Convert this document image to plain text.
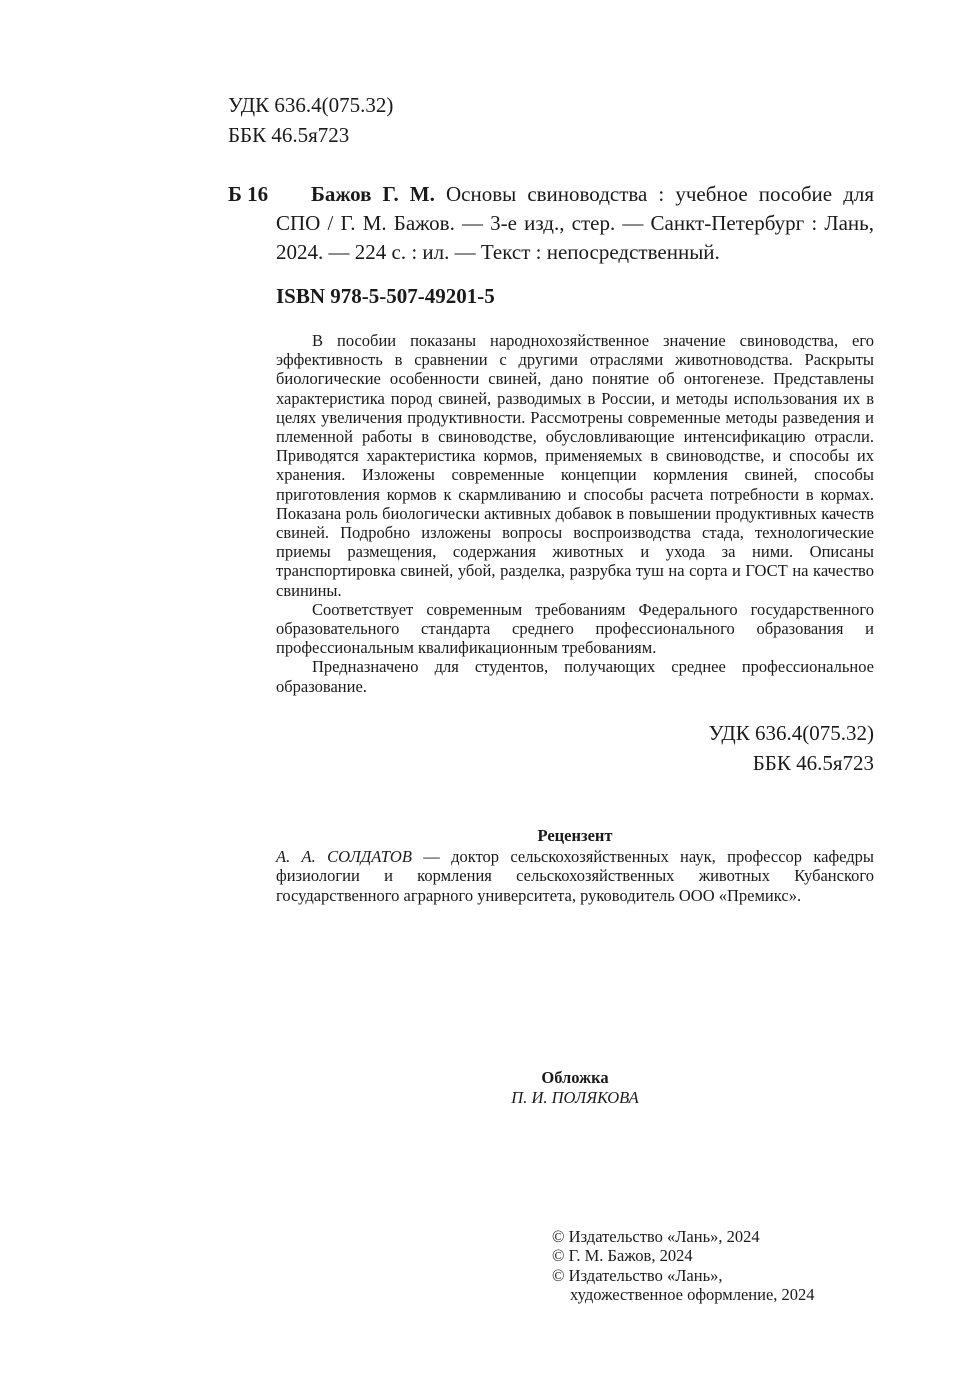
УДК 636.4(075.32)
ББК 46.5я723
Б 16	Бажов Г. М. Основы свиноводства : учебное пособие для СПО / Г. М. Бажов. — 3-е изд., стер. — Санкт-Петербург : Лань, 2024. — 224 с. : ил. — Текст : непосредственный.
ISBN 978-5-507-49201-5

В пособии показаны народнохозяйственное значение свиноводства, его эффективность в сравнении с другими отраслями животноводства. Раскрыты биологические особенности свиней, дано понятие об онтогенезе. Представлены характеристика пород свиней, разводимых в России, и методы использования их в целях увеличения продуктивности. Рассмотрены современные методы разведения и племенной работы в свиноводстве, обусловливающие интенсификацию отрасли. Приводятся характеристика кормов, применяемых в свиноводстве, и способы их хранения. Изложены современные концепции кормления свиней, способы приготовления кормов к скармливанию и способы расчета потребности в кормах. Показана роль биологически активных добавок в повышении продуктивных качеств свиней. Подробно изложены вопросы воспроизводства стада, технологические приемы размещения, содержания животных и ухода за ними. Описаны транспортировка свиней, убой, разделка, разрубка туш на сорта и ГОСТ на качество свинины.

Соответствует современным требованиям Федерального государственного образовательного стандарта среднего профессионального образования и профессиональным квалификационным требованиям.

Предназначено для студентов, получающих среднее профессиональное образование.

УДК 636.4(075.32)
ББК 46.5я723
Рецензент
А. А. СОЛДАТОВ — доктор сельскохозяйственных наук, профессор кафедры физиологии и кормления сельскохозяйственных животных Кубанского государственного аграрного университета, руководитель ООО «Премикс».
Обложка
П. И. ПОЛЯКОВА
© Издательство «Лань», 2024
© Г. М. Бажов, 2024
© Издательство «Лань»,
художественное оформление, 2024
